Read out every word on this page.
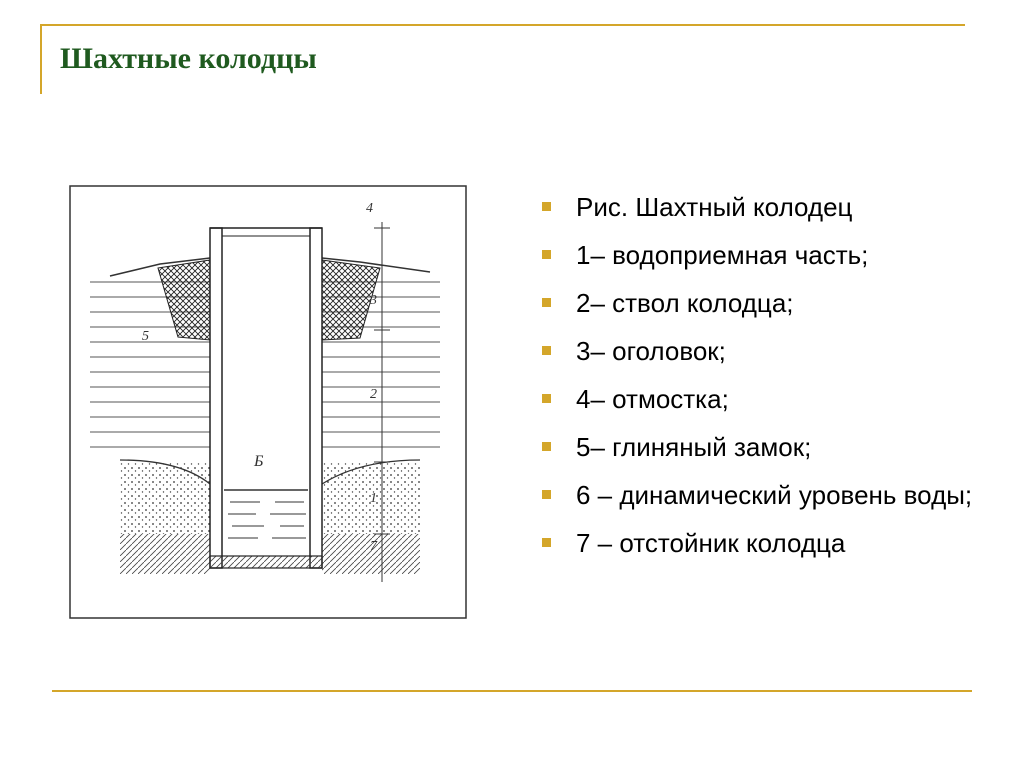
Шахтные колодцы
4
3
5
2
Б
1
7
Рис. Шахтный колодец
1– водоприемная часть;
2– ствол колодца;
3– оголовок;
4– отмостка;
5– глиняный замок;
6 – динамический уровень воды;
7 – отстойник колодца
